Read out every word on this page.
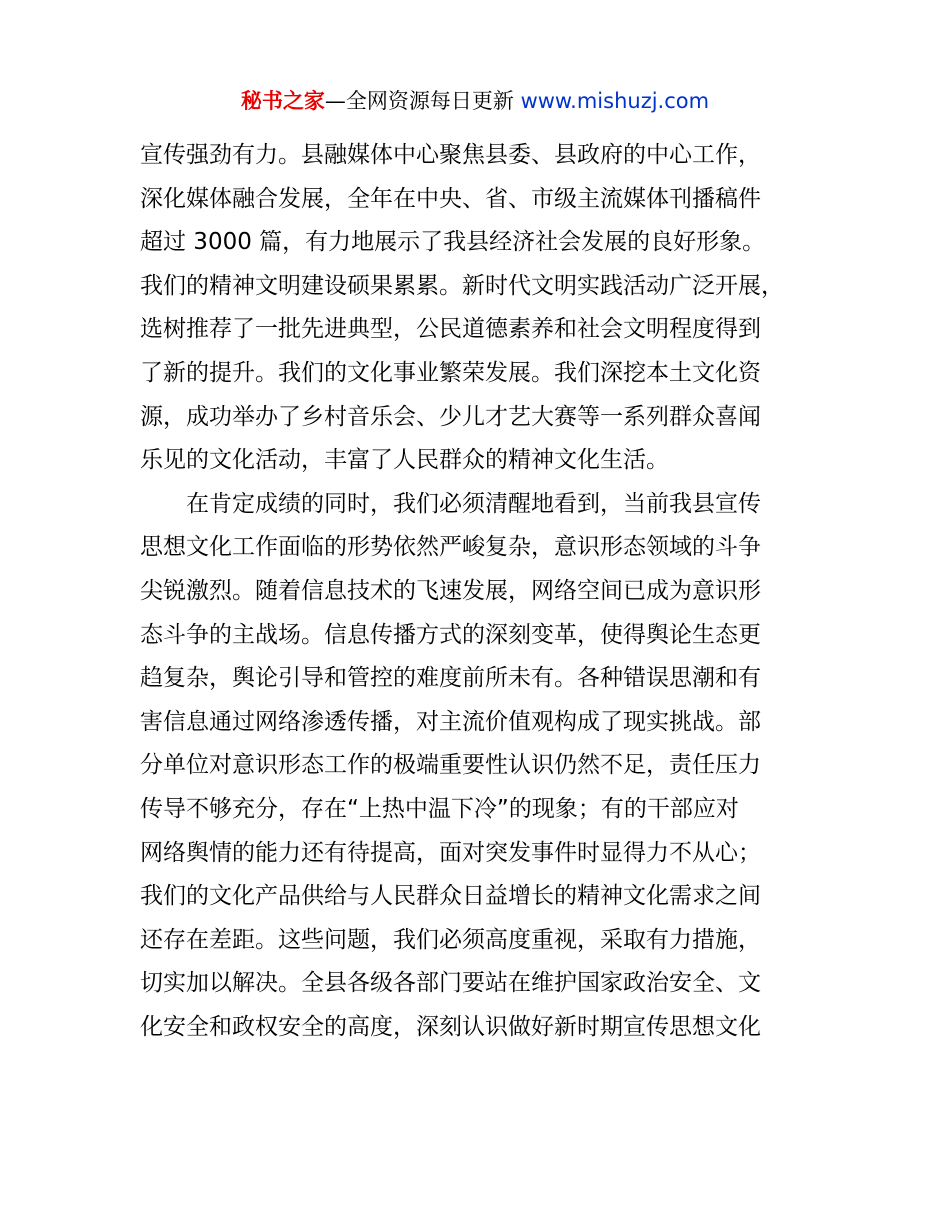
秘书之家—全网资源每日更新 www.mishuzj.com
宣传强劲有力。县融媒体中心聚焦县委、县政府的中心工作，
深化媒体融合发展，全年在中央、省、市级主流媒体刊播稿件
超过 3000 篇，有力地展示了我县经济社会发展的良好形象。
我们的精神文明建设硕果累累。新时代文明实践活动广泛开展，
选树推荐了一批先进典型，公民道德素养和社会文明程度得到
了新的提升。我们的文化事业繁荣发展。我们深挖本土文化资
源，成功举办了乡村音乐会、少儿才艺大赛等一系列群众喜闻
乐见的文化活动，丰富了人民群众的精神文化生活。
在肯定成绩的同时，我们必须清醒地看到，当前我县宣传
思想文化工作面临的形势依然严峻复杂，意识形态领域的斗争
尖锐激烈。随着信息技术的飞速发展，网络空间已成为意识形
态斗争的主战场。信息传播方式的深刻变革，使得舆论生态更
趋复杂，舆论引导和管控的难度前所未有。各种错误思潮和有
害信息通过网络渗透传播，对主流价值观构成了现实挑战。部
分单位对意识形态工作的极端重要性认识仍然不足，责任压力
传导不够充分，存在“上热中温下冷”的现象；有的干部应对
网络舆情的能力还有待提高，面对突发事件时显得力不从心；
我们的文化产品供给与人民群众日益增长的精神文化需求之间
还存在差距。这些问题，我们必须高度重视，采取有力措施，
切实加以解决。全县各级各部门要站在维护国家政治安全、文
化安全和政权安全的高度，深刻认识做好新时期宣传思想文化
